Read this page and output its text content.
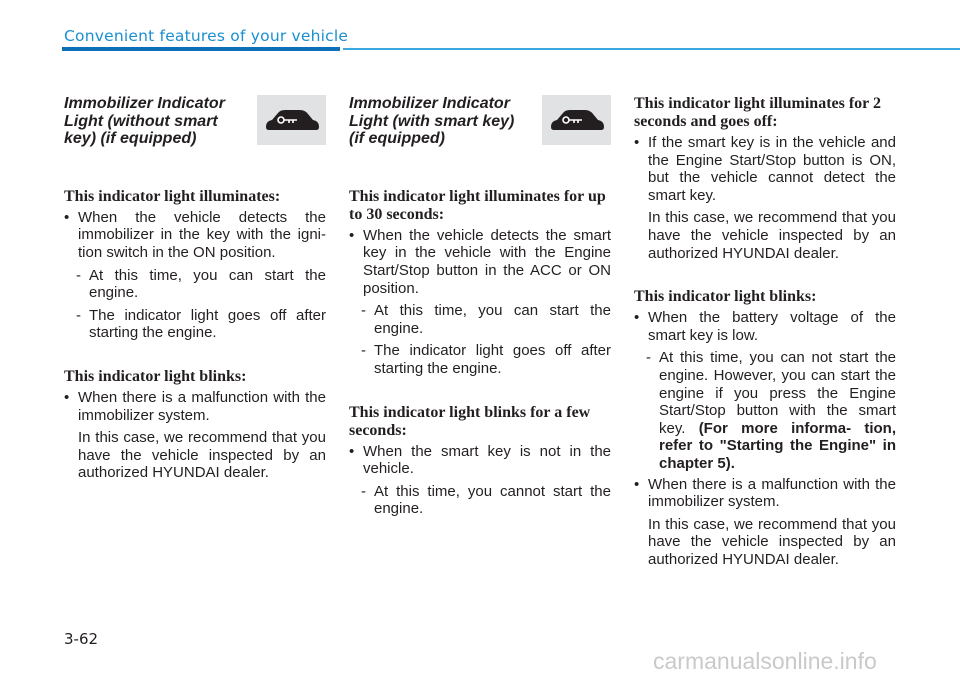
Convenient features of your vehicle

Immobilizer Indicator Light (without smart key) (if equipped)

This indicator light illuminates:

• When the vehicle detects the immobilizer in the key with the igni- tion switch in the ON position.

- At this time, you can start the engine.

- The indicator light goes off after starting the engine.

This indicator light blinks:

• When there is a malfunction with the immobilizer system.

In this case, we recommend that you have the vehicle inspected by an authorized HYUNDAI dealer.

Immobilizer Indicator Light (with smart key) (if equipped)

This indicator light illuminates for up to 30 seconds:

• When the vehicle detects the smart key in the vehicle with the Engine Start/Stop button in the ACC or ON position.

- At this time, you can start the engine.

- The indicator light goes off after starting the engine.

This indicator light blinks for a few seconds:

• When the smart key is not in the vehicle.

- At this time, you cannot start the engine.

This indicator light illuminates for 2 seconds and goes off:

• If the smart key is in the vehicle and the Engine Start/Stop button is ON, but the vehicle cannot detect the smart key.

In this case, we recommend that you have the vehicle inspected by an authorized HYUNDAI dealer.

This indicator light blinks:

• When the battery voltage of the smart key is low.

- At this time, you can not start the engine. However, you can start the engine if you press the Engine Start/Stop button with the smart key. (For more informa- tion, refer to "Starting the Engine" in chapter 5).

• When there is a malfunction with the immobilizer system.

In this case, we recommend that you have the vehicle inspected by an authorized HYUNDAI dealer.

3-62
carmanualsonline.info
